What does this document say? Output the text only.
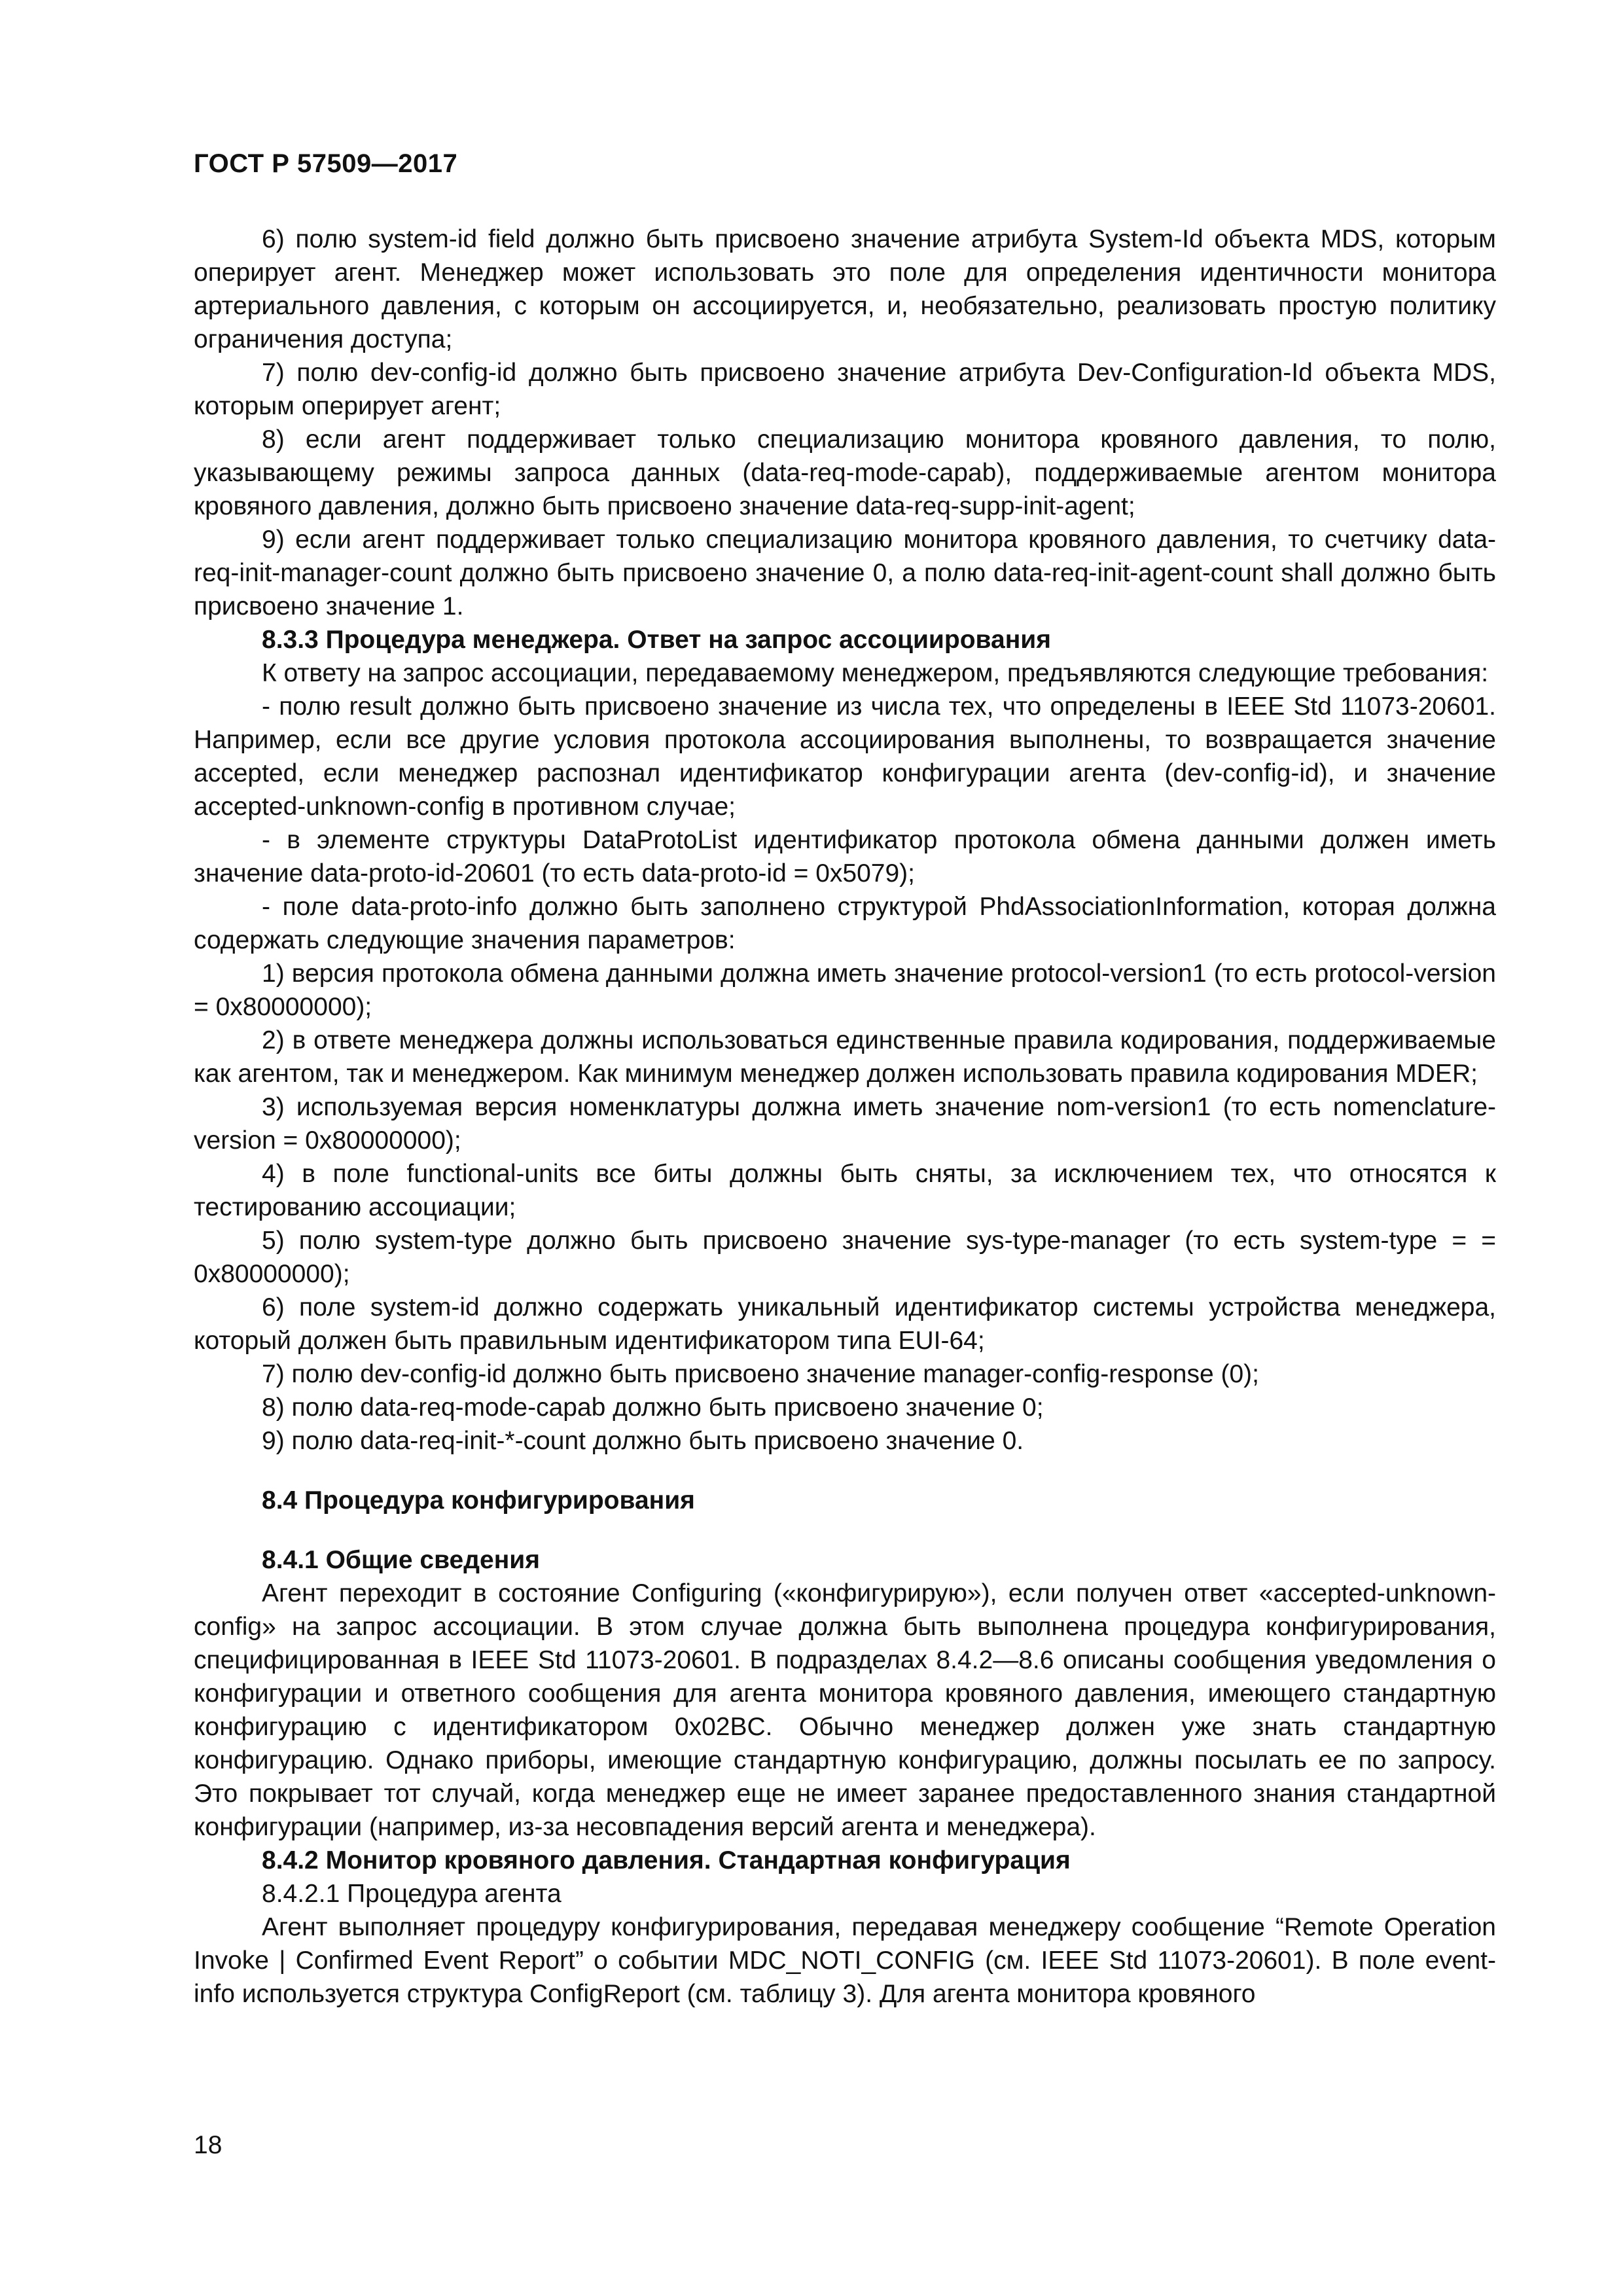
ГОСТ Р 57509—2017

6) полю system-id field должно быть присвоено значение атрибута System-Id объекта MDS, которым оперирует агент. Менеджер может использовать это поле для определения идентичности монитора артериального давления, с которым он ассоциируется, и, необязательно, реализовать простую политику ограничения доступа;

7) полю dev-config-id должно быть присвоено значение атрибута Dev-Configuration-Id объекта MDS, которым оперирует агент;

8) если агент поддерживает только специализацию монитора кровяного давления, то полю, указывающему режимы запроса данных (data-req-mode-capab), поддерживаемые агентом монитора кровяного давления, должно быть присвоено значение data-req-supp-init-agent;

9) если агент поддерживает только специализацию монитора кровяного давления, то счетчику data-req-init-manager-count должно быть присвоено значение 0, а полю data-req-init-agent-count shall должно быть присвоено значение 1.

8.3.3 Процедура менеджера. Ответ на запрос ассоциирования

К ответу на запрос ассоциации, передаваемому менеджером, предъявляются следующие требования:

- полю result должно быть присвоено значение из числа тех, что определены в IEEE Std 11073-20601. Например, если все другие условия протокола ассоциирования выполнены, то возвращается значение accepted, если менеджер распознал идентификатор конфигурации агента (dev-config-id), и значение accepted-unknown-config в противном случае;

- в элементе структуры DataProtoList идентификатор протокола обмена данными должен иметь значение data-proto-id-20601 (то есть data-proto-id = 0x5079);

- поле data-proto-info должно быть заполнено структурой PhdAssociationInformation, которая должна содержать следующие значения параметров:

1) версия протокола обмена данными должна иметь значение protocol-version1 (то есть protocol-version = 0x80000000);

2) в ответе менеджера должны использоваться единственные правила кодирования, поддерживаемые как агентом, так и менеджером. Как минимум менеджер должен использовать правила кодирования MDER;

3) используемая версия номенклатуры должна иметь значение nom-version1 (то есть nomenclature-version = 0x80000000);

4) в поле functional-units все биты должны быть сняты, за исключением тех, что относятся к тестированию ассоциации;

5) полю system-type должно быть присвоено значение sys-type-manager (то есть system-type = = 0x80000000);

6) поле system-id должно содержать уникальный идентификатор системы устройства менеджера, который должен быть правильным идентификатором типа EUI-64;

7) полю dev-config-id должно быть присвоено значение manager-config-response (0);

8) полю data-req-mode-capab должно быть присвоено значение 0;

9) полю data-req-init-*-count должно быть присвоено значение 0.

8.4 Процедура конфигурирования

8.4.1 Общие сведения

Агент переходит в состояние Configuring («конфигурирую»), если получен ответ «accepted-unknown-config» на запрос ассоциации. В этом случае должна быть выполнена процедура конфигурирования, специфицированная в IEEE Std 11073-20601. В подразделах 8.4.2—8.6 описаны сообщения уведомления о конфигурации и ответного сообщения для агента монитора кровяного давления, имеющего стандартную конфигурацию с идентификатором 0x02BC. Обычно менеджер должен уже знать стандартную конфигурацию. Однако приборы, имеющие стандартную конфигурацию, должны посылать ее по запросу. Это покрывает тот случай, когда менеджер еще не имеет заранее предоставленного знания стандартной конфигурации (например, из-за несовпадения версий агента и менеджера).

8.4.2 Монитор кровяного давления. Стандартная конфигурация

8.4.2.1 Процедура агента

Агент выполняет процедуру конфигурирования, передавая менеджеру сообщение “Remote Operation Invoke | Confirmed Event Report” о событии MDC_NOTI_CONFIG (см. IEEE Std 11073-20601). В поле event-info используется структура ConfigReport (см. таблицу 3). Для агента монитора кровяного

18
